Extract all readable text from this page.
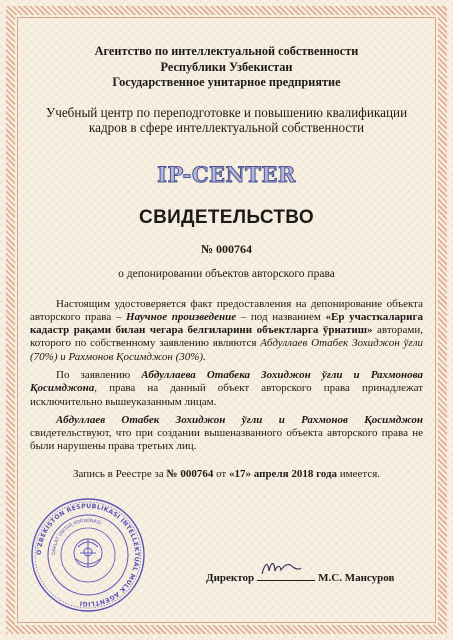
Агентство по интеллектуальной собственности

Республики Узбекистан

Государственное унитарное предприятие

Учебный центр по переподготовке и повышению квалификации
кадров в сфере интеллектуальной собственности
IP-CENTER
СВИДЕТЕЛЬСТВО
№ 000764
о депонировании объектов авторского права

Настоящим удостоверяется факт предоставления на депонирование объекта авторского права – Научное произведение – под названием «Ер участкаларига кадастр рақами билан чегара белгиларини объектларга ўрнатиш» авторами, которого по собственному заявлению являются Абдуллаев Отабек Зохиджон ўғли (70%) и Рахмонов Қосимджон (30%).

По заявлению Абдуллаева Отабека Зохиджон ўғли и Рахмонова Қосимджона, права на данный объект авторского права принадлежат исключительно вышеуказанным лицам.

Абдуллаев Отабек Зохиджон ўғли и Рахмонов Қосимджон свидетельствуют, что при создании вышеназванного объекта авторского права не были нарушены права третьих лиц.

Запись в Реестре за № 000764 от «17» апреля 2018 года имеется.
O'ZBEKISTON RESPUBLIKASI INTELLEKTUAL MULK AGENTLIGI
DAVLAT UNITAR KORXONASI
Директор	М.С. Мансуров
